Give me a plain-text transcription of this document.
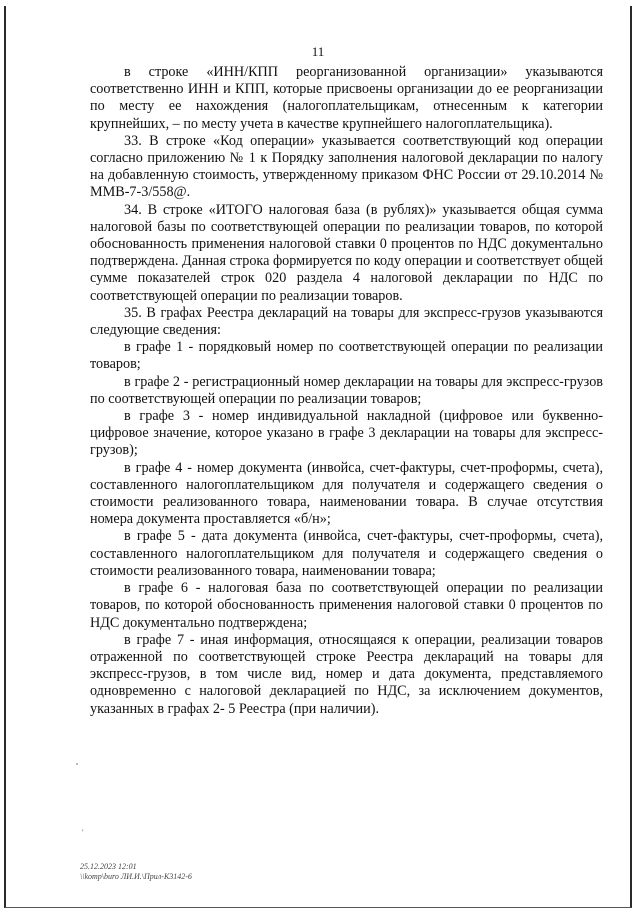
11

в строке «ИНН/КПП реорганизованной организации» указываются соответственно ИНН и КПП, которые присвоены организации до ее реорганизации по месту ее нахождения (налогоплательщикам, отнесенным к категории крупнейших, – по месту учета в качестве крупнейшего налогоплательщика).

33. В строке «Код операции» указывается соответствующий код операции согласно приложению № 1 к Порядку заполнения налоговой декларации по налогу на добавленную стоимость, утвержденному приказом ФНС России от 29.10.2014 № ММВ-7-3/558@.

34. В строке «ИТОГО налоговая база (в рублях)» указывается общая сумма налоговой базы по соответствующей операции по реализации товаров, по которой обоснованность применения налоговой ставки 0 процентов по НДС документально подтверждена. Данная строка формируется по коду операции и соответствует общей сумме показателей строк 020 раздела 4 налоговой декларации по НДС по соответствующей операции по реализации товаров.

35. В графах Реестра деклараций на товары для экспресс-грузов указываются следующие сведения:

в графе 1 - порядковый номер по соответствующей операции по реализации товаров;

в графе 2 - регистрационный номер декларации на товары для экспресс-грузов по соответствующей операции по реализации товаров;

в графе 3 - номер индивидуальной накладной (цифровое или буквенно-цифровое значение, которое указано в графе 3 декларации на товары для экспресс-грузов);

в графе 4 - номер документа (инвойса, счет-фактуры, счет-проформы, счета), составленного налогоплательщиком для получателя и содержащего сведения о стоимости реализованного товара, наименовании товара. В случае отсутствия номера документа проставляется «б/н»;

в графе 5 - дата документа (инвойса, счет-фактуры, счет-проформы, счета), составленного налогоплательщиком для получателя и содержащего сведения о стоимости реализованного товара, наименовании товара;

в графе 6 - налоговая база по соответствующей операции по реализации товаров, по которой обоснованность применения налоговой ставки 0 процентов по НДС документально подтверждена;

в графе 7 - иная информация, относящаяся к операции, реализации товаров отраженной по соответствующей строке Реестра деклараций на товары для экспресс-грузов, в том числе вид, номер и дата документа, представляемого одновременно с налоговой декларацией по НДС, за исключением документов, указанных в графах 2- 5 Реестра (при наличии).

'
25.12.2023 12:01
\\komp\buro ЛИ.И.\Прил-К3142-6
